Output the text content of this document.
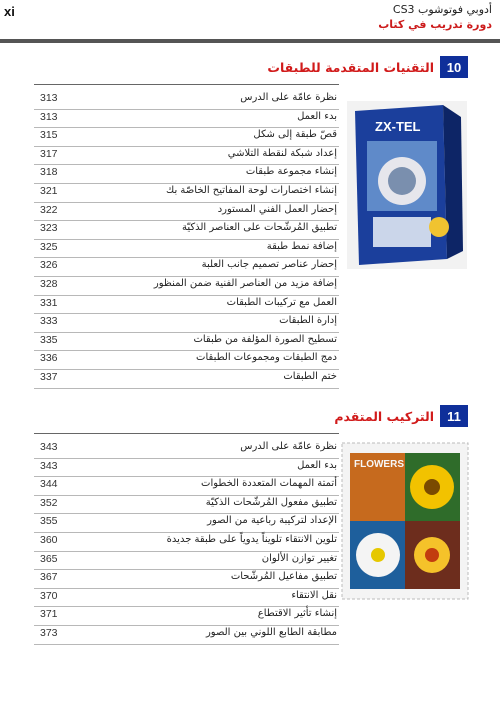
xi	أدوبي فوتوشوب CS3
دورة تدريب في كتاب
10
التقنيات المتقدمة للطبقات
313	نظرة عامّة على الدرس
313	بدء العمل
315	قصّ طبقة إلى شكل
317	إعداد شبكة لنقطة التلاشي
318	إنشاء مجموعة طبقات
321	إنشاء اختصارات لوحة المفاتيح الخاصّة بك
322	إحضار العمل الفني المستورد
323	تطبيق المُرشّحات على العناصر الذكيّة
325	إضافة نمط طبقة
326	إحضار عناصر تصميم جانب العلبة
328	إضافة مزيد من العناصر الفنية ضمن المنظور
331	العمل مع تركيبات الطبقات
333	إدارة الطبقات
335	تسطيح الصورة المؤلفة من طبقات
336	دمج الطبقات ومجموعات الطبقات
337	ختم الطبقات
ZX-TEL
11
التركيب المتقدم
343	نظرة عامّة على الدرس
343	بدء العمل
344	أتمتة المهمات المتعددة الخطوات
352	تطبيق مفعول المُرشّحات الذكيّة
355	الإعداد لتركيبة رباعية من الصور
360	تلوين الانتقاء تلويناً يدوياً على طبقة جديدة
365	تغيير توازن الألوان
367	تطبيق مفاعيل المُرشّحات
370	نقل الانتقاء
371	إنشاء تأثير الاقتطاع
373	مطابقة الطابع اللوني بين الصور
FLOWERS
